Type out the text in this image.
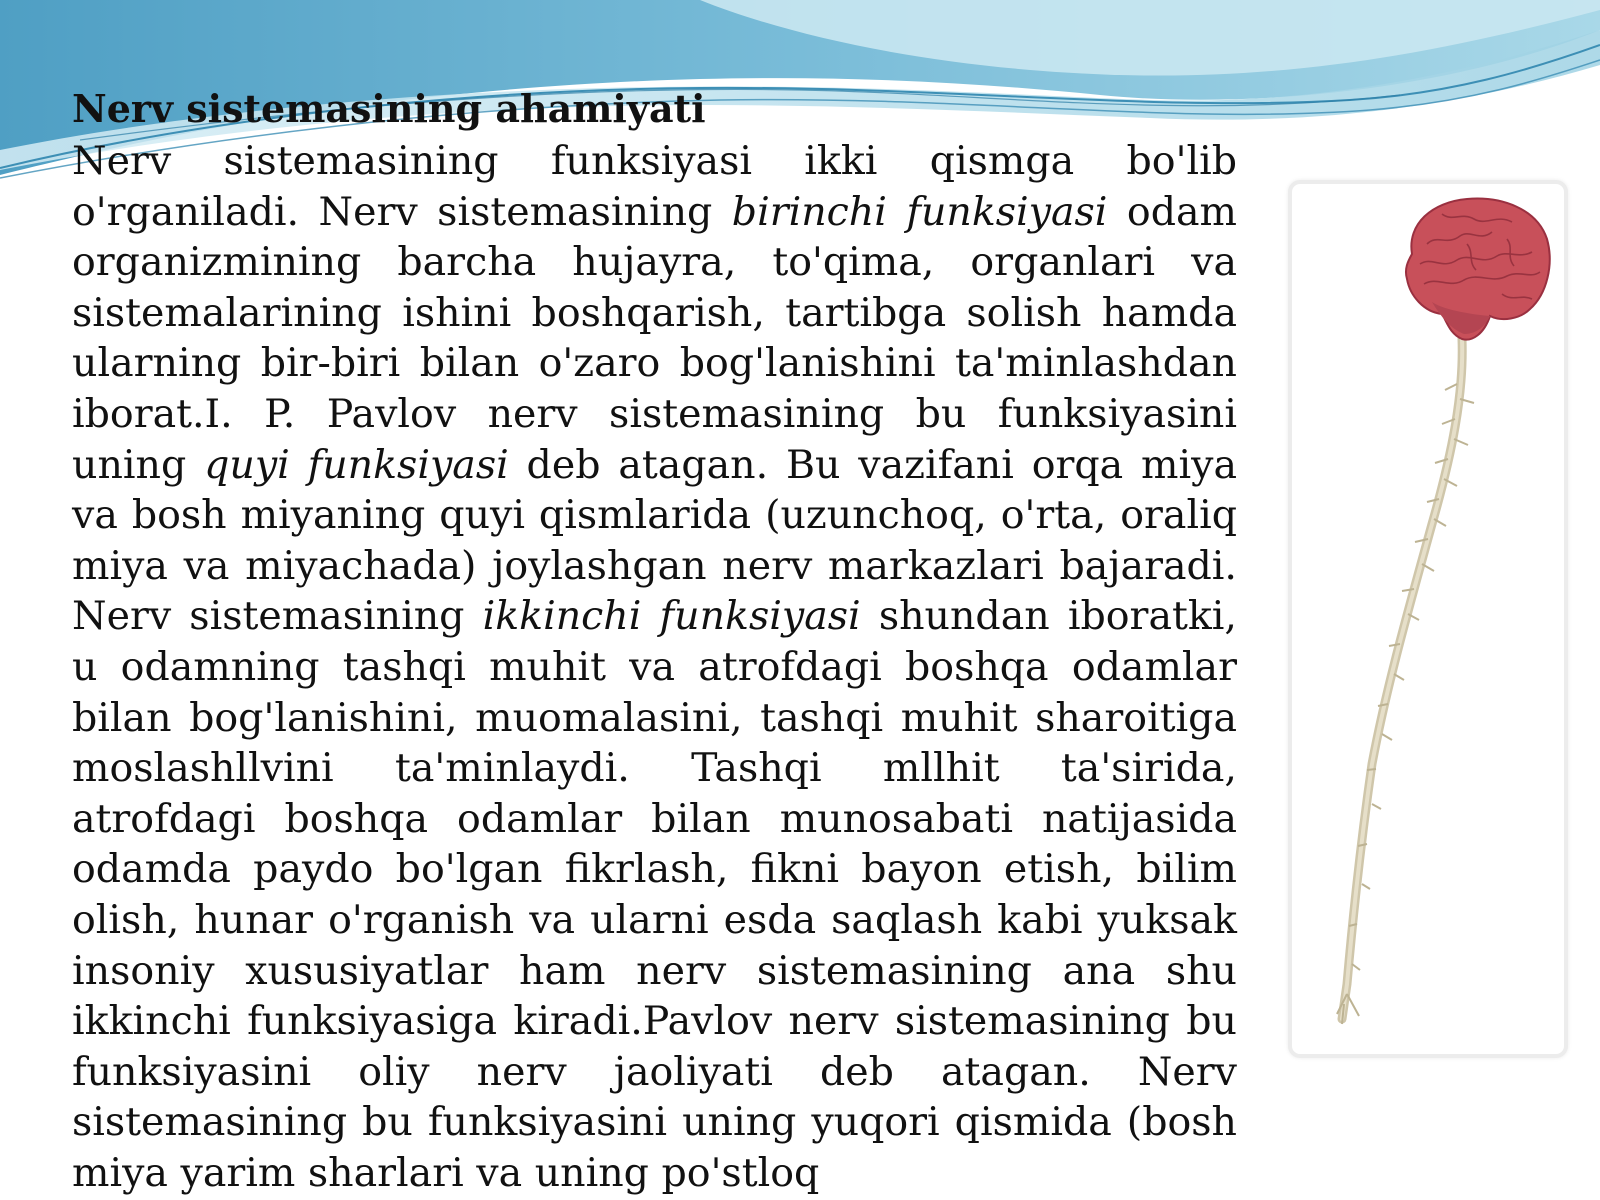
Nerv sistemasining ahamiyati

Nerv sistemasining funksiyasi ikki qismga bo'lib o'rganiladi. Nerv sistemasining birinchi funksiyasi odam organizmining barcha hujayra, to'qima, organlari va sistemalarining ishini boshqarish, tartibga solish hamda ularning bir-biri bilan o'zaro bog'lanishini ta'minlashdan iborat.I. P. Pavlov nerv sistemasining bu funksiyasini uning quyi funksiyasi deb atagan. Bu vazifani orqa miya va bosh miyaning quyi qismlarida (uzunchoq, o'rta, oraliq miya va miyachada) joylashgan nerv markazlari bajaradi. Nerv sistemasining ikkinchi funksiyasi shundan iboratki, u odamning tashqi muhit va atrofdagi boshqa odamlar bilan bog'lanishini, muomalasini, tashqi muhit sharoitiga moslashllvini ta'minlaydi. Tashqi mllhit ta'sirida, atrofdagi boshqa odamlar bilan munosabati natijasida odamda paydo bo'lgan fikrlash, fikni bayon etish, bilim olish, hunar o'rganish va ularni esda saqlash kabi yuksak insoniy xususiyatlar ham nerv sistemasining ana shu ikkinchi funksiyasiga kiradi.Pavlov nerv sistemasining bu funksiyasini oliy nerv jaoliyati deb atagan. Nerv sistemasining bu funksiyasini uning yuqori qismida (bosh miya yarim sharlari va uning po'stloq
